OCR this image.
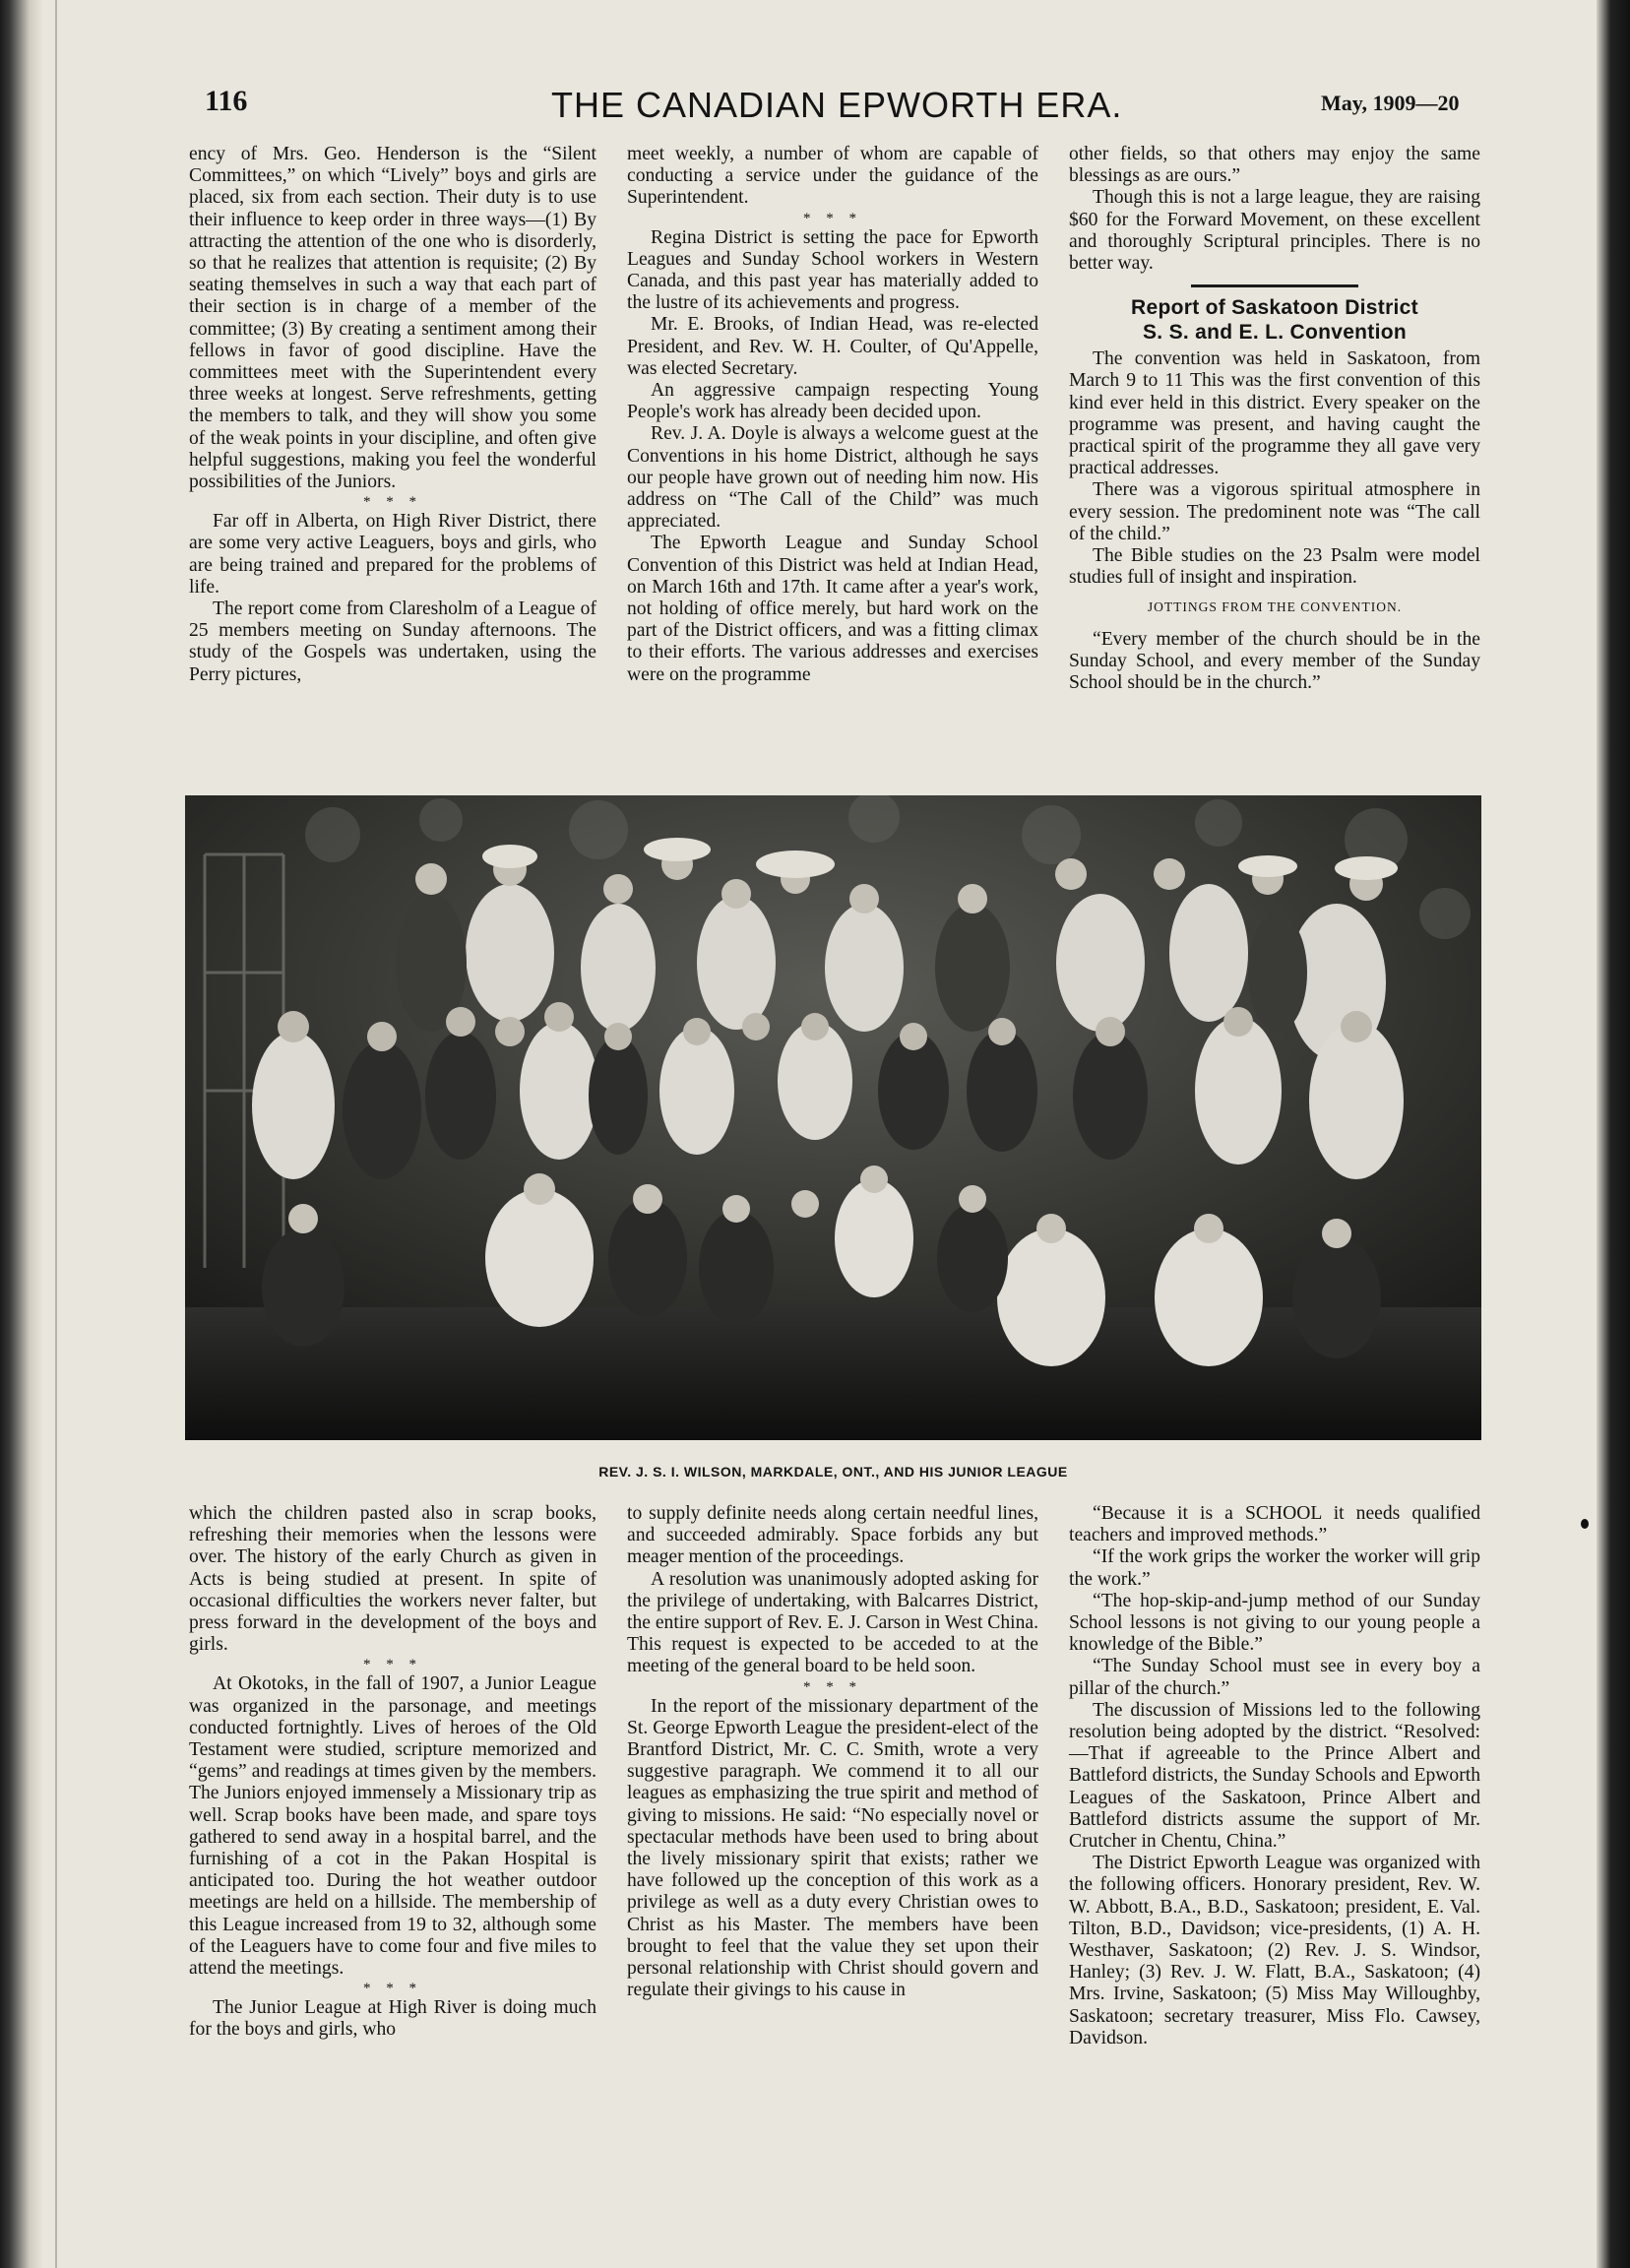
116	THE CANADIAN EPWORTH ERA.	May, 1909—20

ency of Mrs. Geo. Henderson is the “Silent Committees,” on which “Lively” boys and girls are placed, six from each section. Their duty is to use their influence to keep order in three ways—(1) By attracting the attention of the one who is disorderly, so that he realizes that attention is requisite; (2) By seating themselves in such a way that each part of their section is in charge of a member of the committee; (3) By creating a sentiment among their fellows in favor of good discipline. Have the committees meet with the Superintendent every three weeks at longest. Serve refreshments, getting the members to talk, and they will show you some of the weak points in your discipline, and often give helpful suggestions, making you feel the wonderful possibilities of the Juniors.

* * *

Far off in Alberta, on High River District, there are some very active Leaguers, boys and girls, who are being trained and prepared for the problems of life.

The report come from Claresholm of a League of 25 members meeting on Sunday afternoons. The study of the Gospels was undertaken, using the Perry pictures,

meet weekly, a number of whom are capable of conducting a service under the guidance of the Superintendent.

* * *

Regina District is setting the pace for Epworth Leagues and Sunday School workers in Western Canada, and this past year has materially added to the lustre of its achievements and progress.

Mr. E. Brooks, of Indian Head, was re-elected President, and Rev. W. H. Coulter, of Qu'Appelle, was elected Secretary.

An aggressive campaign respecting Young People's work has already been decided upon.

Rev. J. A. Doyle is always a welcome guest at the Conventions in his home District, although he says our people have grown out of needing him now. His address on “The Call of the Child” was much appreciated.

The Epworth League and Sunday School Convention of this District was held at Indian Head, on March 16th and 17th. It came after a year's work, not holding of office merely, but hard work on the part of the District officers, and was a fitting climax to their efforts. The various addresses and exercises were on the programme

other fields, so that others may enjoy the same blessings as are ours.”

Though this is not a large league, they are raising $60 for the Forward Movement, on these excellent and thoroughly Scriptural principles. There is no better way.

Report of Saskatoon District
S. S. and E. L. Convention

The convention was held in Saskatoon, from March 9 to 11 This was the first convention of this kind ever held in this district. Every speaker on the programme was present, and having caught the practical spirit of the programme they all gave very practical addresses.

There was a vigorous spiritual atmosphere in every session. The predominent note was “The call of the child.”

The Bible studies on the 23 Psalm were model studies full of insight and inspiration.

JOTTINGS FROM THE CONVENTION.

“Every member of the church should be in the Sunday School, and every member of the Sunday School should be in the church.”

REV. J. S. I. WILSON, MARKDALE, ONT., AND HIS JUNIOR LEAGUE

which the children pasted also in scrap books, refreshing their memories when the lessons were over. The history of the early Church as given in Acts is being studied at present. In spite of occasional difficulties the workers never falter, but press forward in the development of the boys and girls.

* * *

At Okotoks, in the fall of 1907, a Junior League was organized in the parsonage, and meetings conducted fortnightly. Lives of heroes of the Old Testament were studied, scripture memorized and “gems” and readings at times given by the members. The Juniors enjoyed immensely a Missionary trip as well. Scrap books have been made, and spare toys gathered to send away in a hospital barrel, and the furnishing of a cot in the Pakan Hospital is anticipated too. During the hot weather outdoor meetings are held on a hillside. The membership of this League increased from 19 to 32, although some of the Leaguers have to come four and five miles to attend the meetings.

* * *

The Junior League at High River is doing much for the boys and girls, who

to supply definite needs along certain needful lines, and succeeded admirably. Space forbids any but meager mention of the proceedings.

A resolution was unanimously adopted asking for the privilege of undertaking, with Balcarres District, the entire support of Rev. E. J. Carson in West China. This request is expected to be acceded to at the meeting of the general board to be held soon.

* * *

In the report of the missionary department of the St. George Epworth League the president-elect of the Brantford District, Mr. C. C. Smith, wrote a very suggestive paragraph. We commend it to all our leagues as emphasizing the true spirit and method of giving to missions. He said: “No especially novel or spectacular methods have been used to bring about the lively missionary spirit that exists; rather we have followed up the conception of this work as a privilege as well as a duty every Christian owes to Christ as his Master. The members have been brought to feel that the value they set upon their personal relationship with Christ should govern and regulate their givings to his cause in

“Because it is a SCHOOL it needs qualified teachers and improved methods.”

“If the work grips the worker the worker will grip the work.”

“The hop-skip-and-jump method of our Sunday School lessons is not giving to our young people a knowledge of the Bible.”

“The Sunday School must see in every boy a pillar of the church.”

The discussion of Missions led to the following resolution being adopted by the district. “Resolved:—That if agreeable to the Prince Albert and Battleford districts, the Sunday Schools and Epworth Leagues of the Saskatoon, Prince Albert and Battleford districts assume the support of Mr. Crutcher in Chentu, China.”

The District Epworth League was organized with the following officers. Honorary president, Rev. W. W. Abbott, B.A., B.D., Saskatoon; president, E. Val. Tilton, B.D., Davidson; vice-presidents, (1) A. H. Westhaver, Saskatoon; (2) Rev. J. S. Windsor, Hanley; (3) Rev. J. W. Flatt, B.A., Saskatoon; (4) Mrs. Irvine, Saskatoon; (5) Miss May Willoughby, Saskatoon; secretary treasurer, Miss Flo. Cawsey, Davidson.
